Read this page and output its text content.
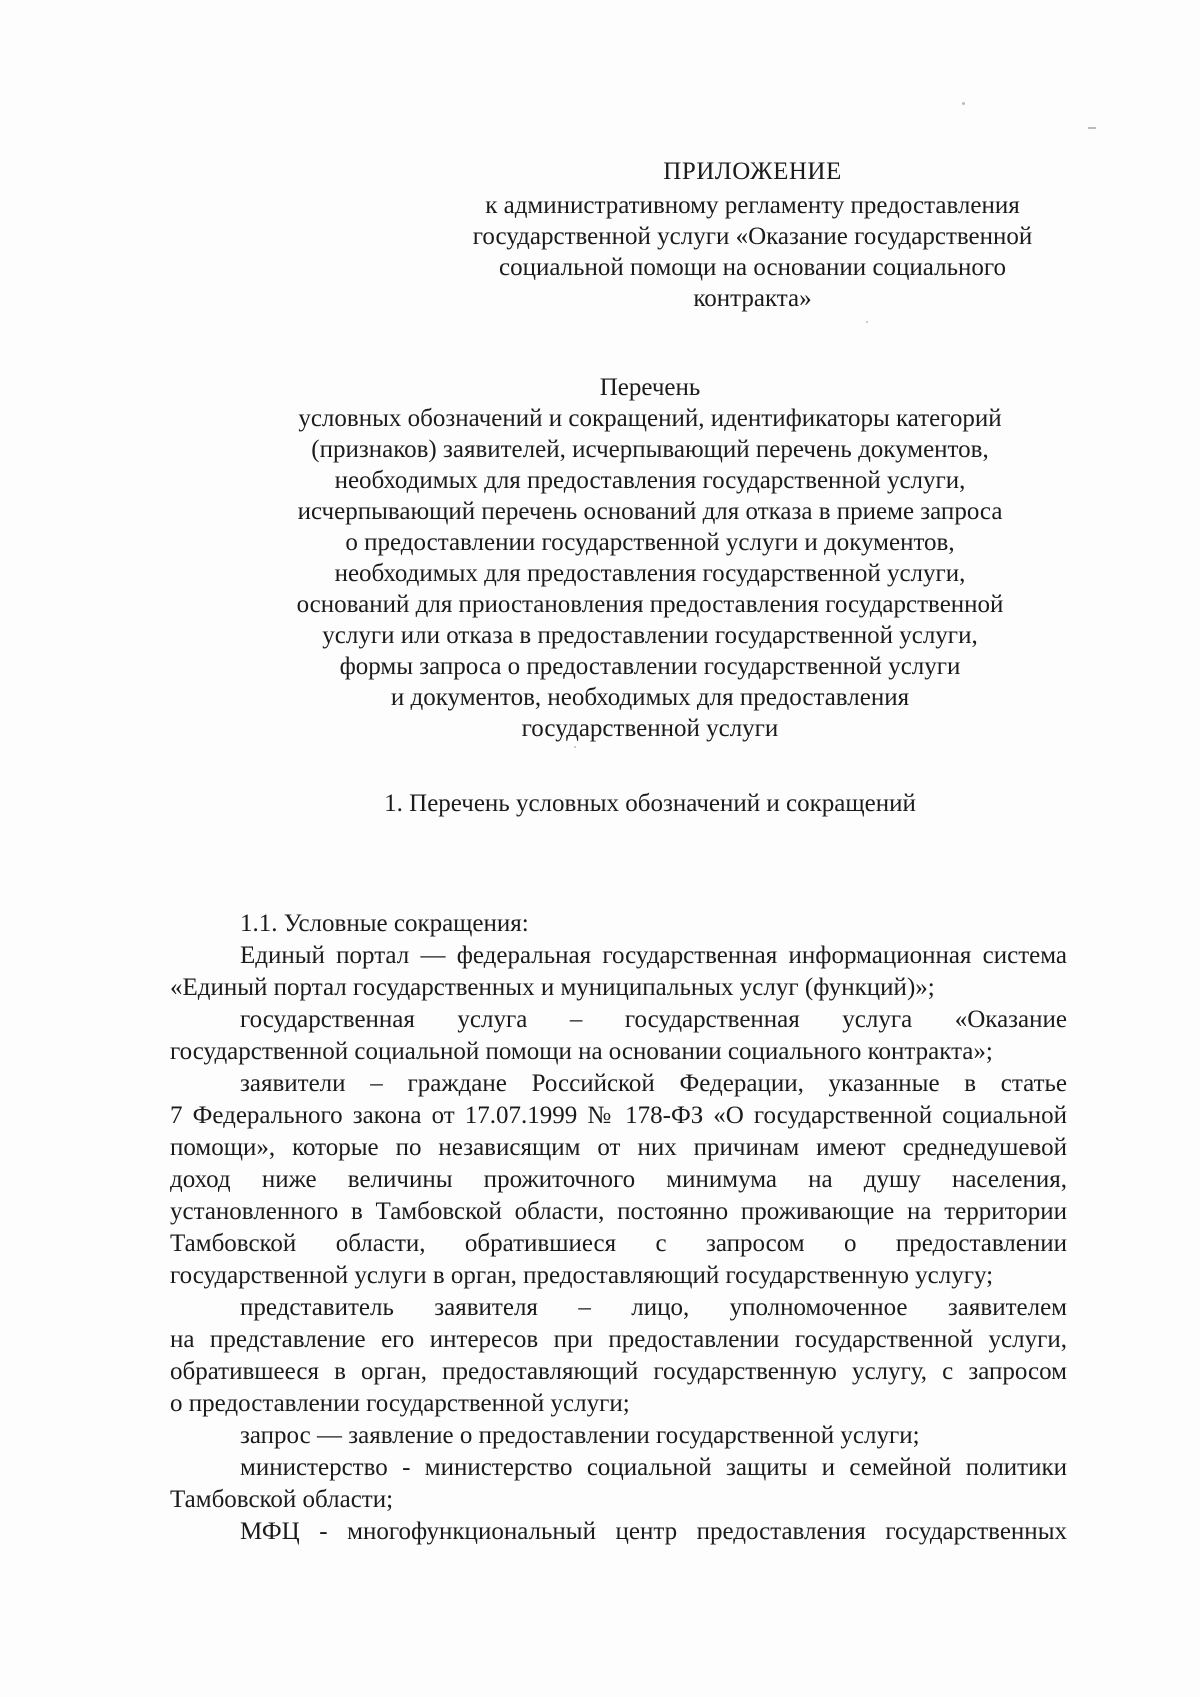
ПРИЛОЖЕНИЕ
к административному регламенту предоставления
государственной услуги «Оказание государственной
социальной помощи на основании социального
контракта»
Перечень
условных обозначений и сокращений, идентификаторы категорий
(признаков) заявителей, исчерпывающий перечень документов,
необходимых для предоставления государственной услуги,
исчерпывающий перечень оснований для отказа в приеме запроса
о предоставлении государственной услуги и документов,
необходимых для предоставления государственной услуги,
оснований для приостановления предоставления государственной
услуги или отказа в предоставлении государственной услуги,
формы запроса о предоставлении государственной услуги
и документов, необходимых для предоставления
государственной услуги
1. Перечень условных обозначений и сокращений
1.1. Условные сокращения:
Единый портал — федеральная государственная информационная система
«Единый портал государственных и муниципальных услуг (функций)»;
государственная услуга – государственная услуга «Оказание
государственной социальной помощи на основании социального контракта»;
заявители – граждане Российской Федерации, указанные в статье
7 Федерального закона от 17.07.1999 № 178-ФЗ «О государственной социальной
помощи», которые по независящим от них причинам имеют среднедушевой
доход ниже величины прожиточного минимума на душу населения,
установленного в Тамбовской области, постоянно проживающие на территории
Тамбовской области, обратившиеся с запросом о предоставлении
государственной услуги в орган, предоставляющий государственную услугу;
представитель заявителя – лицо, уполномоченное заявителем
на представление его интересов при предоставлении государственной услуги,
обратившееся в орган, предоставляющий государственную услугу, с запросом
о предоставлении государственной услуги;
запрос — заявление о предоставлении государственной услуги;
министерство - министерство социальной защиты и семейной политики
Тамбовской области;
МФЦ - многофункциональный центр предоставления государственных
